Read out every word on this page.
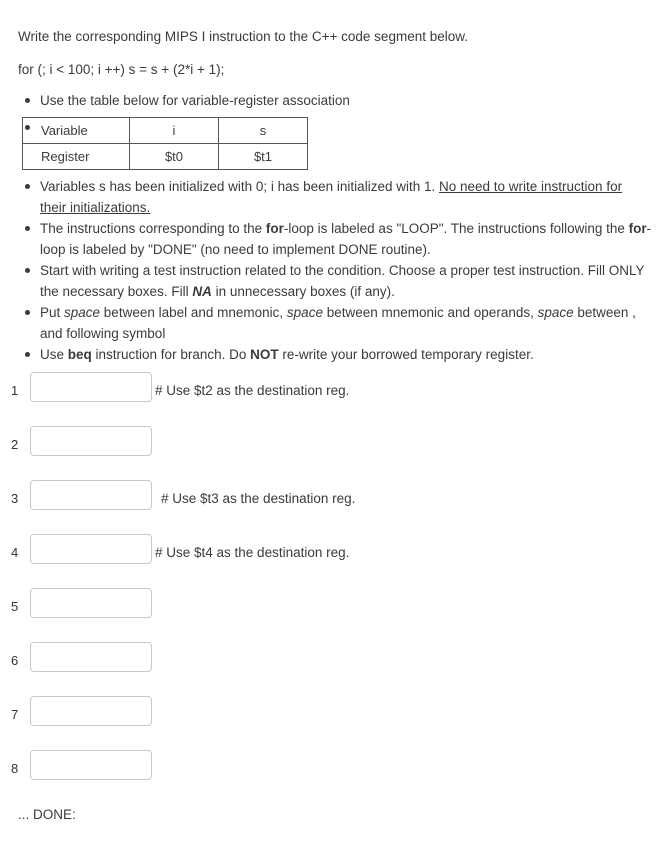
Write the corresponding MIPS I instruction to the C++ code segment below.
for (; i < 100; i ++) s = s + (2*i + 1);
Use the table below for variable-register association
Variable	i	s
Register	$t0	$t1
Variables s has been initialized with 0; i has been initialized with 1. No need to write instruction for their initializations.
The instructions corresponding to the for-loop is labeled as "LOOP". The instructions following the for-loop is labeled by "DONE" (no need to implement DONE routine).
Start with writing a test instruction related to the condition. Choose a proper test instruction. Fill ONLY the necessary boxes. Fill NA in unnecessary boxes (if any).
Put space between label and mnemonic, space between mnemonic and operands, space between , and following symbol
Use beq instruction for branch. Do NOT re-write your borrowed temporary register.
1	# Use $t2 as the destination reg.
2
3	# Use $t3 as the destination reg.
4	# Use $t4 as the destination reg.
5
6
7
8
... DONE:
